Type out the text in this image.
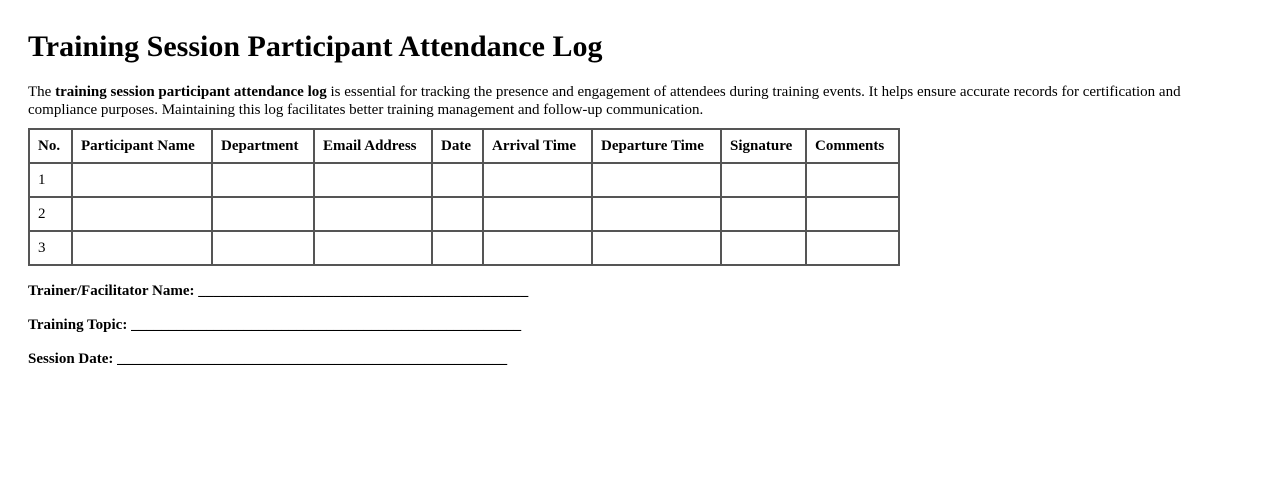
Training Session Participant Attendance Log

The training session participant attendance log is essential for tracking the presence and engagement of attendees during training events. It helps ensure accurate records for certification and compliance purposes. Maintaining this log facilitates better training management and follow-up communication.

No.	Participant Name	Department	Email Address	Date	Arrival Time	Departure Time	Signature	Comments
1								
2								
3								
Trainer/Facilitator Name: ____________________________________________
Training Topic: ____________________________________________________
Session Date: ____________________________________________________
